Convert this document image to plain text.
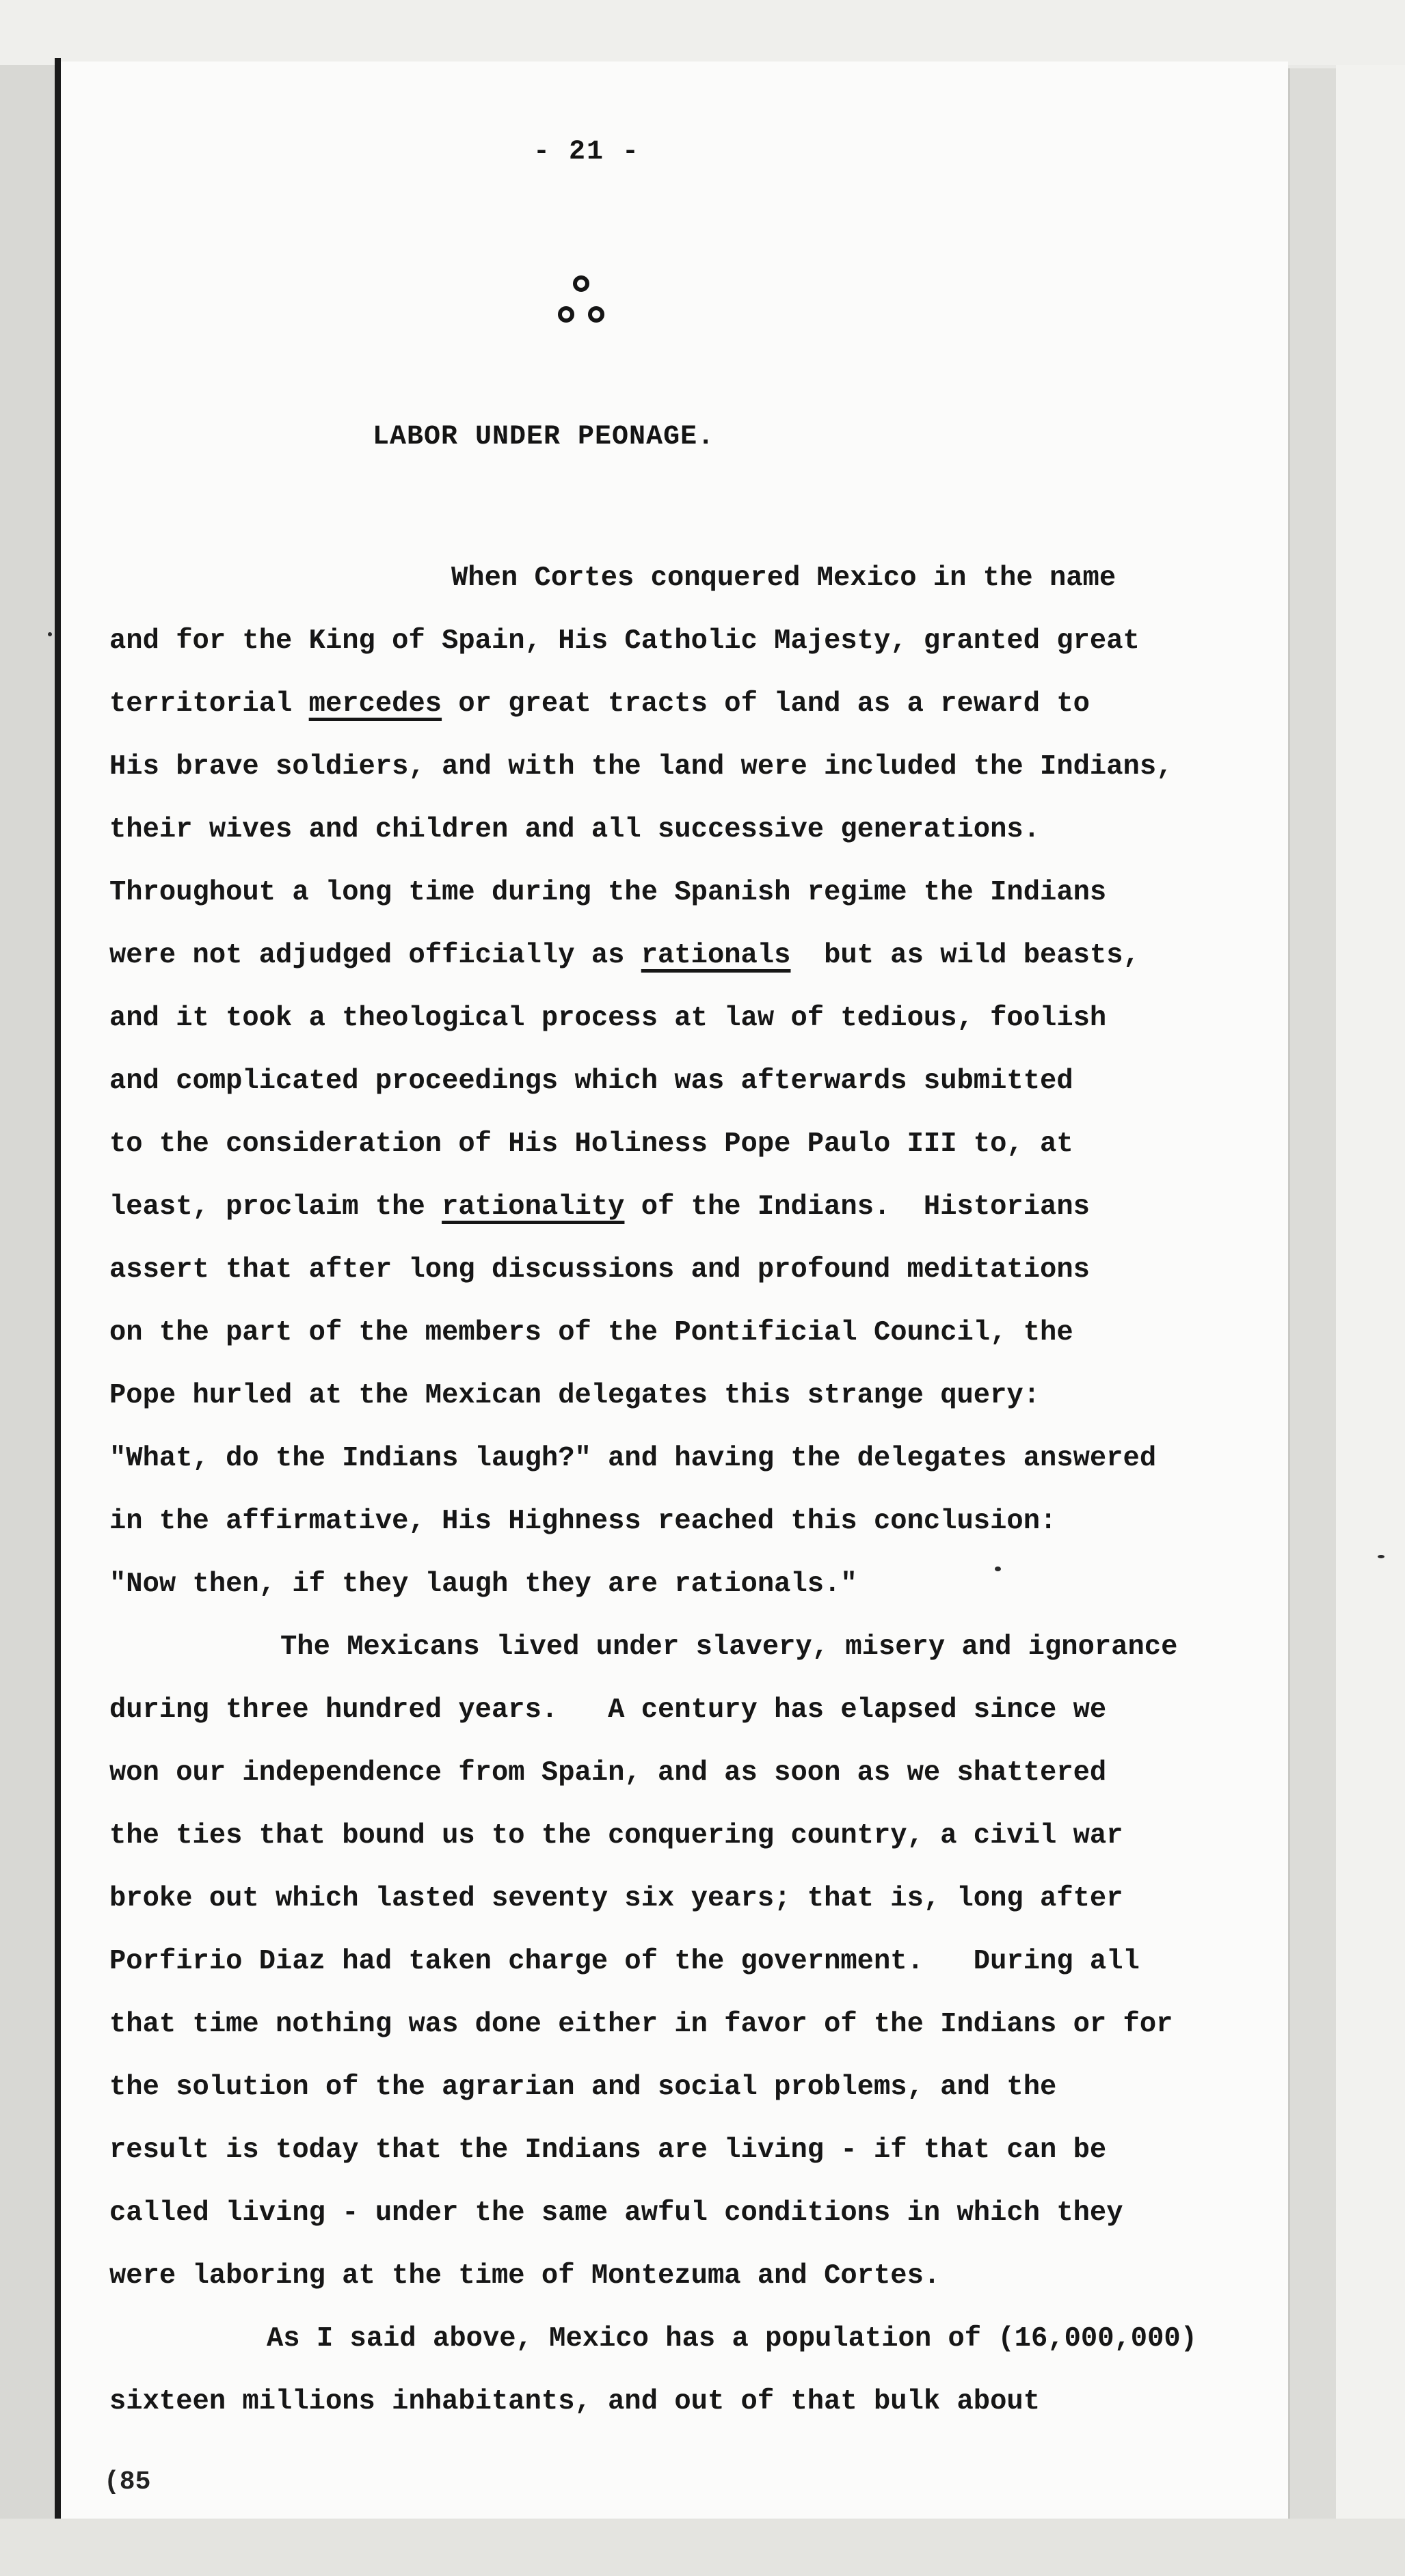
- 21 -
LABOR UNDER PEONAGE.
When Cortes conquered Mexico in the name
and for the King of Spain, His Catholic Majesty, granted great
territorial mercedes or great tracts of land as a reward to
His brave soldiers, and with the land were included the Indians,
their wives and children and all successive generations.
Throughout a long time during the Spanish regime the Indians
were not adjudged officially as rationals  but as wild beasts,
and it took a theological process at law of tedious, foolish
and complicated proceedings which was afterwards submitted
to the consideration of His Holiness Pope Paulo III to, at
least, proclaim the rationality of the Indians.  Historians
assert that after long discussions and profound meditations
on the part of the members of the Pontificial Council, the
Pope hurled at the Mexican delegates this strange query:
"What, do the Indians laugh?" and having the delegates answered
in the affirmative, His Highness reached this conclusion:
"Now then, if they laugh they are rationals."
The Mexicans lived under slavery, misery and ignorance
during three hundred years.   A century has elapsed since we
won our independence from Spain, and as soon as we shattered
the ties that bound us to the conquering country, a civil war
broke out which lasted seventy six years; that is, long after
Porfirio Diaz had taken charge of the government.   During all
that time nothing was done either in favor of the Indians or for
the solution of the agrarian and social problems, and the
result is today that the Indians are living - if that can be
called living - under the same awful conditions in which they
were laboring at the time of Montezuma and Cortes.
As I said above, Mexico has a population of (16,000,000)
sixteen millions inhabitants, and out of that bulk about
(85
